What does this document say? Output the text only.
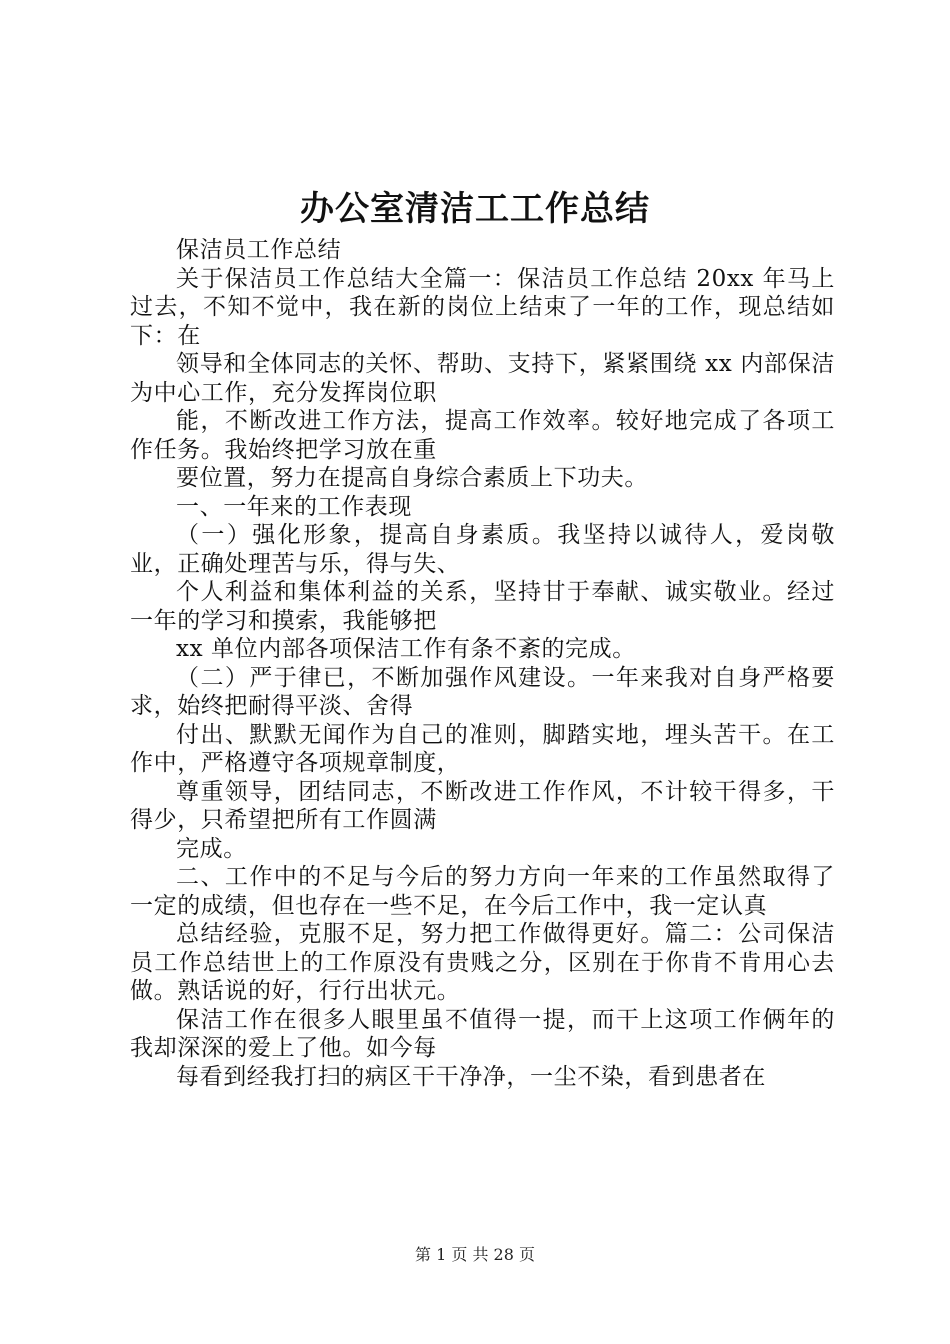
办公室清洁工工作总结

保洁员工作总结

关于保洁员工作总结大全篇一：保洁员工作总结 20xx 年马上过去，不知不觉中，我在新的岗位上结束了一年的工作，现总结如下：在

领导和全体同志的关怀、帮助、支持下，紧紧围绕 xx 内部保洁为中心工作，充分发挥岗位职

能，不断改进工作方法，提高工作效率。较好地完成了各项工作任务。我始终把学习放在重

要位置，努力在提高自身综合素质上下功夫。

一、一年来的工作表现

（一）强化形象，提高自身素质。我坚持以诚待人，爱岗敬业，正确处理苦与乐，得与失、

个人利益和集体利益的关系，坚持甘于奉献、诚实敬业。经过一年的学习和摸索，我能够把

xx 单位内部各项保洁工作有条不紊的完成。

（二）严于律已，不断加强作风建设。一年来我对自身严格要求，始终把耐得平淡、舍得

付出、默默无闻作为自己的准则，脚踏实地，埋头苦干。在工作中，严格遵守各项规章制度，

尊重领导，团结同志，不断改进工作作风，不计较干得多，干得少，只希望把所有工作圆满

完成。

二、工作中的不足与今后的努力方向一年来的工作虽然取得了一定的成绩，但也存在一些不足，在今后工作中，我一定认真

总结经验，克服不足，努力把工作做得更好。篇二：公司保洁员工作总结世上的工作原没有贵贱之分，区别在于你肯不肯用心去做。熟话说的好，行行出状元。

保洁工作在很多人眼里虽不值得一提，而干上这项工作俩年的我却深深的爱上了他。如今每

每看到经我打扫的病区干干净净，一尘不染，看到患者在

第 1 页 共 28 页
